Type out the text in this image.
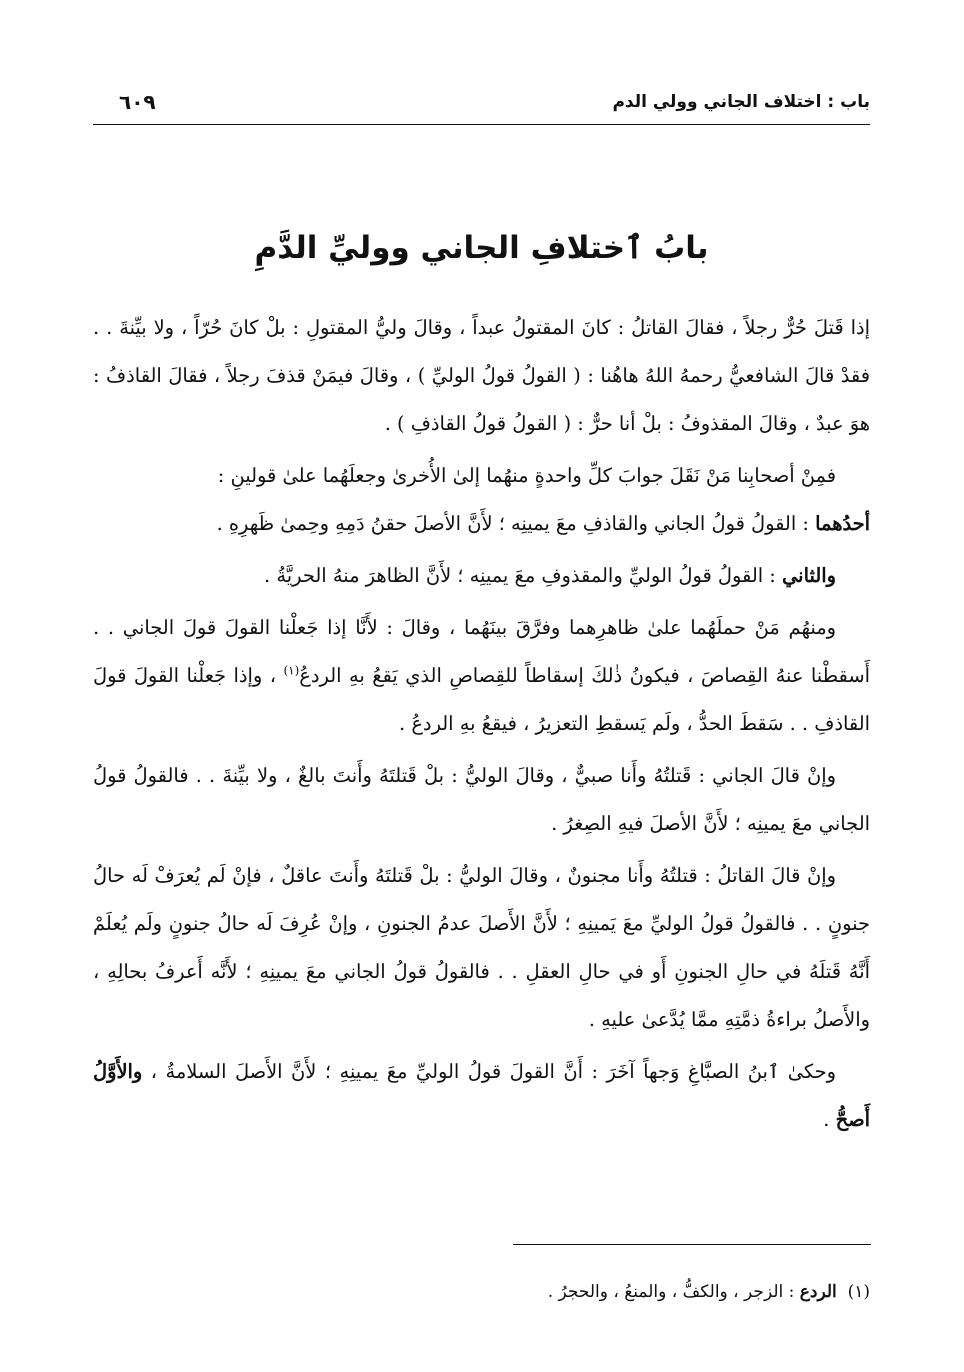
باب : اختلاف الجاني وولي الدم
٦٠٩
بابُ ٱختلافِ الجاني ووليِّ الدَّمِ

إذا قَتلَ حُرٌّ رجلاً ، فقالَ القاتلُ : كانَ المقتولُ عبداً ، وقالَ وليُّ المقتولِ : بلْ كانَ حُرّاً ، ولا بيِّنةَ . . فقدْ قالَ الشافعيُّ رحمهُ اللهُ هاهُنا : ( القولُ قولُ الوليِّ ) ، وقالَ فيمَنْ قذفَ رجلاً ، فقالَ القاذفُ : هوَ عبدٌ ، وقالَ المقذوفُ : بلْ أنا حرٌّ : ( القولُ قولُ القاذفِ ) .

فمِنْ أصحابِنا مَنْ نَقَلَ جوابَ كلِّ واحدةٍ منهُما إلىٰ الأُخرىٰ وجعلَهُما علىٰ قولينِ :

أحدُهما : القولُ قولُ الجاني والقاذفِ معَ يمينِه ؛ لأَنَّ الأصلَ حقنُ دَمِهِ وحِمىٰ ظَهرِهِ .

والثاني : القولُ قولُ الوليِّ والمقذوفِ معَ يمينِه ؛ لأَنَّ الظاهرَ منهُ الحريَّةُ .

ومنهُم مَنْ حملَهُما علىٰ ظاهرِهما وفرَّقَ بينَهُما ، وقالَ : لأَنَّا إذا جَعلْنا القولَ قولَ الجاني . . أَسقطْنا عنهُ القِصاصَ ، فيكونُ ذٰلكَ إسقاطاً للقِصاصِ الذي يَقعُ بهِ الردعُ$^{(١)}$ ، وإذا جَعلْنا القولَ قولَ القاذفِ . . سَقطَ الحدُّ ، ولَم يَسقطِ التعزيرُ ، فيقعُ بهِ الردعُ .

وإنْ قالَ الجاني : قَتلتُهُ وأَنا صبيٌّ ، وقالَ الوليُّ : بلْ قَتلتَهُ وأَنتَ بالغٌ ، ولا بيِّنةَ . . فالقولُ قولُ الجاني معَ يمينِه ؛ لأَنَّ الأصلَ فيهِ الصِغرُ .

وإنْ قالَ القاتلُ : قتلتُهُ وأَنا مجنونٌ ، وقالَ الوليُّ : بلْ قَتلتَهُ وأَنتَ عاقلٌ ، فإنْ لَم يُعرَفْ لَه حالُ جنونٍ . . فالقولُ قولُ الوليِّ معَ يَمينِهِ ؛ لأَنَّ الأَصلَ عدمُ الجنونِ ، وإنْ عُرِفَ لَه حالُ جنونٍ ولَم يُعلَمْ أَنَّهُ قَتلَهُ في حالِ الجنونِ أَو في حالِ العقلِ . . فالقولُ قولُ الجاني معَ يمينِهِ ؛ لأَنَّه أَعرفُ بحالِهِ ، والأَصلُ براءةُ ذمَّتِهِ ممَّا يُدَّعىٰ عليهِ .

وحكىٰ ٱبنُ الصبَّاغِ وَجهاً آخَرَ : أَنَّ القولَ قولُ الوليِّ معَ يمينِهِ ؛ لأَنَّ الأَصلَ السلامةُ ، والأَوَّلُ أَصحُّ .

(١)  الردع : الزجر ، والكفُّ ، والمنعُ ، والحجرُ .
